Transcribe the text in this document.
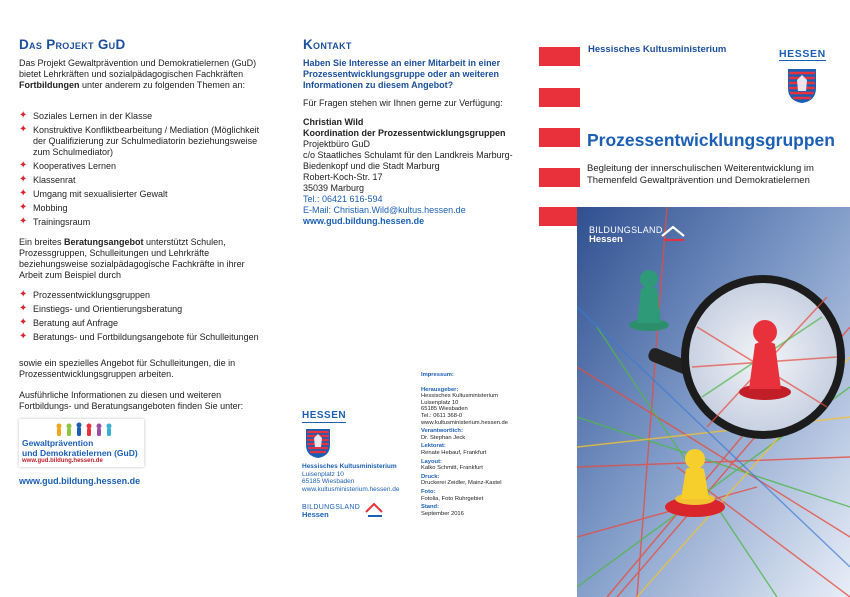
Das Projekt GuD
Das Projekt Gewaltprävention und Demokratielernen (GuD) bietet Lehrkräften und sozialpädagogischen Fachkräften Fortbildungen unter anderem zu folgenden Themen an:
✦ Soziales Lernen in der Klasse
✦ Konstruktive Konfliktbearbeitung / Mediation (Möglichkeit der Qualifizierung zur Schulmediatorin beziehungsweise zum Schulmediator)
✦ Kooperatives Lernen
✦ Klassenrat
✦ Umgang mit sexualisierter Gewalt
✦ Mobbing
✦ Trainingsraum
Ein breites Beratungsangebot unterstützt Schulen, Prozessgruppen, Schulleitungen und Lehrkräfte beziehungsweise sozialpädagogische Fachkräfte in ihrer Arbeit zum Beispiel durch
✦ Prozessentwicklungsgruppen
✦ Einstiegs- und Orientierungsberatung
✦ Beratung auf Anfrage
✦ Beratungs- und Fortbildungsangebote für Schulleitungen
sowie ein spezielles Angebot für Schulleitungen, die in Prozessentwicklungsgruppen arbeiten.
Ausführliche Informationen zu diesen und weiteren Fortbildungs- und Beratungsangeboten finden Sie unter:
Gewaltprävention
und Demokratielernen (GuD)
www.gud.bildung.hessen.de
www.gud.bildung.hessen.de
Kontakt
Haben Sie Interesse an einer Mitarbeit in einer Prozessentwicklungsgruppe oder an weiteren Informationen zu diesem Angebot?
Für Fragen stehen wir Ihnen gerne zur Verfügung:
Christian Wild
Koordination der Prozessentwicklungsgruppen
Projektbüro GuD
c/o Staatliches Schulamt für den Landkreis Marburg-Biedenkopf und die Stadt Marburg
Robert-Koch-Str. 17
35039 Marburg
Tel.: 06421 616-594
E-Mail: Christian.Wild@kultus.hessen.de
www.gud.bildung.hessen.de
HESSEN
Hessisches Kultusministerium
Luisenplatz 10
65185 Wiesbaden
www.kultusministerium.hessen.de
BILDUNGSLAND
Hessen
Impressum:
Herausgeber:
Hessisches Kultusministerium
Luisenplatz 10
65185 Wiesbaden
Tel.: 0611 368-0
www.kultusministerium.hessen.de
Verantwortlich:
Dr. Stephan Jeck
Lektorat:
Renate Hebauf, Frankfurt
Layout:
Kalko Schmitt, Frankfurt
Druck:
Druckerei Zeidler, Mainz-Kastel
Foto:
Fotolia, Foto Ruhrgebiet
Stand:
September 2016
Hessisches Kultusministerium	HESSEN
Prozessentwicklungsgruppen
Begleitung der innerschulischen Weiterentwicklung im Themenfeld Gewaltprävention und Demokratielernen
BILDUNGSLAND
Hessen
